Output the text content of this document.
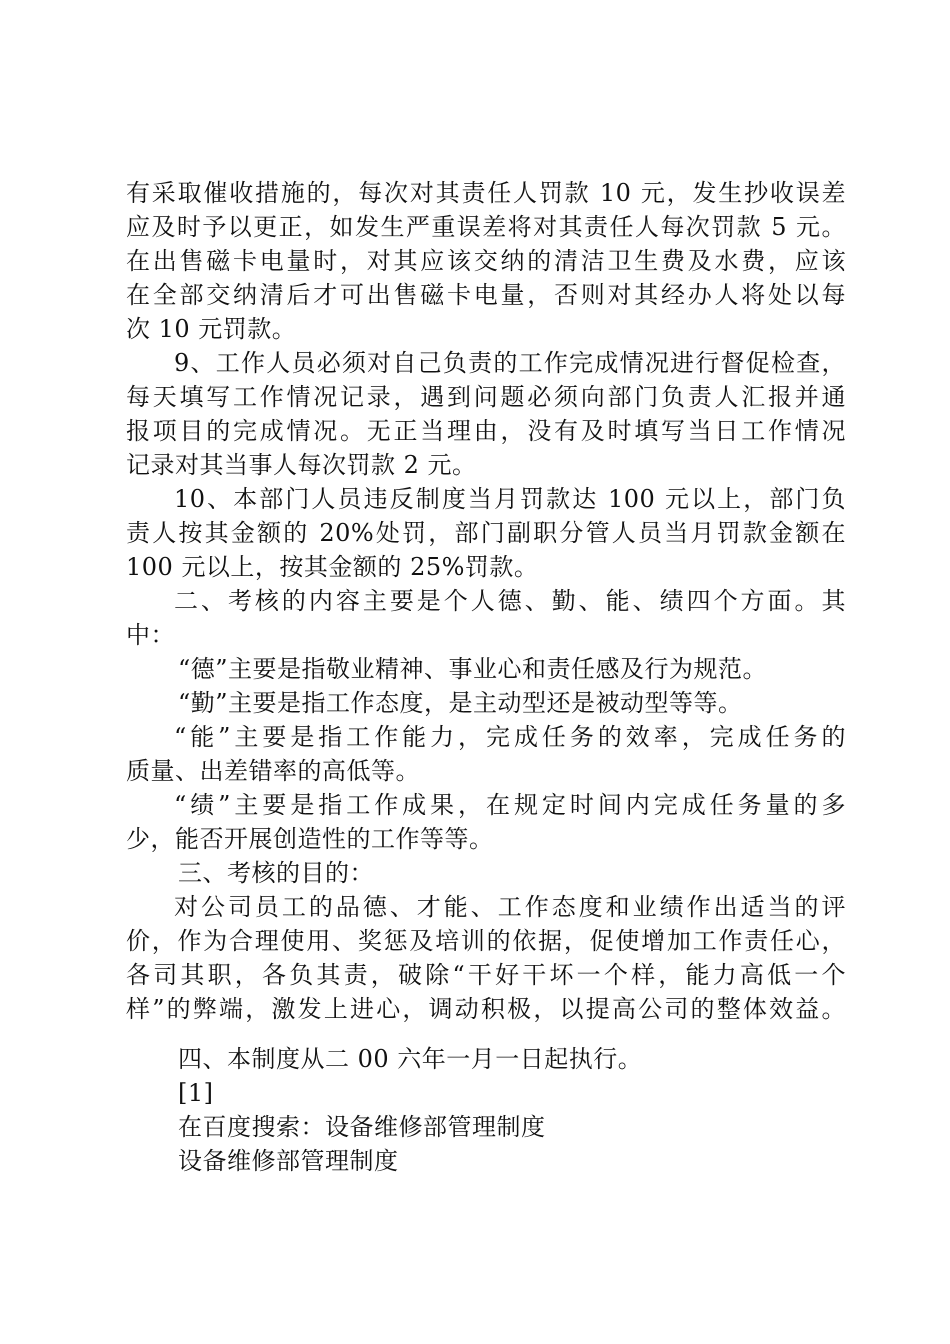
有采取催收措施的，每次对其责任人罚款 10 元，发生抄收误差
应及时予以更正，如发生严重误差将对其责任人每次罚款 5 元。
在出售磁卡电量时，对其应该交纳的清洁卫生费及水费，应该
在全部交纳清后才可出售磁卡电量，否则对其经办人将处以每
次 10 元罚款。
9、工作人员必须对自己负责的工作完成情况进行督促检查，
每天填写工作情况记录，遇到问题必须向部门负责人汇报并通
报项目的完成情况。无正当理由，没有及时填写当日工作情况
记录对其当事人每次罚款 2 元。
10、本部门人员违反制度当月罚款达 100 元以上，部门负
责人按其金额的 20%处罚，部门副职分管人员当月罚款金额在
100 元以上，按其金额的 25%罚款。
二、考核的内容主要是个人德、勤、能、绩四个方面。其
中：
“德”主要是指敬业精神、事业心和责任感及行为规范。
“勤”主要是指工作态度，是主动型还是被动型等等。
“能”主要是指工作能力，完成任务的效率，完成任务的
质量、出差错率的高低等。
“绩”主要是指工作成果，在规定时间内完成任务量的多
少，能否开展创造性的工作等等。
三、考核的目的：
对公司员工的品德、才能、工作态度和业绩作出适当的评
价，作为合理使用、奖惩及培训的依据，促使增加工作责任心，
各司其职，各负其责，破除“干好干坏一个样，能力高低一个
样”的弊端，激发上进心，调动积极，以提高公司的整体效益。
四、本制度从二 00 六年一月一日起执行。
[1]
在百度搜索：设备维修部管理制度
设备维修部管理制度
